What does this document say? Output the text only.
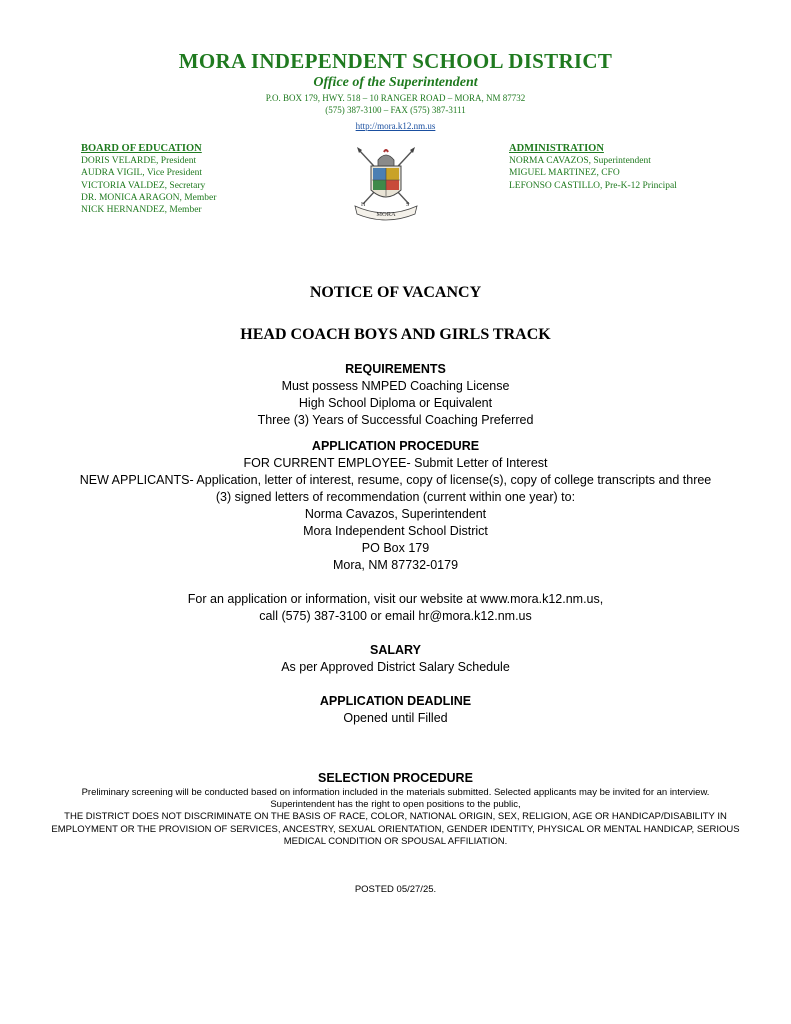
MORA INDEPENDENT SCHOOL DISTRICT
Office of the Superintendent
P.O. BOX 179, HWY. 518 – 10 RANGER ROAD – MORA, NM 87732
(575) 387-3100 – FAX (575) 387-3111
http://mora.k12.nm.us
BOARD OF EDUCATION
DORIS VELARDE, President
AUDRA VIGIL, Vice President
VICTORIA VALDEZ, Secretary
DR. MONICA ARAGON, Member
NICK HERNANDEZ, Member
H	S
MORA
ADMINISTRATION
NORMA CAVAZOS, Superintendent
MIGUEL MARTINEZ, CFO
LEFONSO CASTILLO, Pre-K-12 Principal
NOTICE OF VACANCY
HEAD COACH BOYS AND GIRLS TRACK
REQUIREMENTS
Must possess NMPED Coaching License
High School Diploma or Equivalent
Three (3) Years of Successful Coaching Preferred
APPLICATION PROCEDURE
FOR CURRENT EMPLOYEE- Submit Letter of Interest
NEW APPLICANTS- Application, letter of interest, resume, copy of license(s), copy of college transcripts and three
(3) signed letters of recommendation (current within one year) to:
Norma Cavazos, Superintendent
Mora Independent School District
PO Box 179
Mora, NM 87732-0179
For an application or information, visit our website at www.mora.k12.nm.us,
call (575) 387-3100 or email hr@mora.k12.nm.us
SALARY
As per Approved District Salary Schedule
APPLICATION DEADLINE
Opened until Filled
SELECTION PROCEDURE
Preliminary screening will be conducted based on information included in the materials submitted. Selected applicants may be invited for an interview.
Superintendent has the right to open positions to the public,
THE DISTRICT DOES NOT DISCRIMINATE ON THE BASIS OF RACE, COLOR, NATIONAL ORIGIN, SEX, RELIGION, AGE OR HANDICAP/DISABILITY IN
EMPLOYMENT OR THE PROVISION OF SERVICES, ANCESTRY, SEXUAL ORIENTATION, GENDER IDENTITY, PHYSICAL OR MENTAL HANDICAP, SERIOUS
MEDICAL CONDITION OR SPOUSAL AFFILIATION.
POSTED 05/27/25.
